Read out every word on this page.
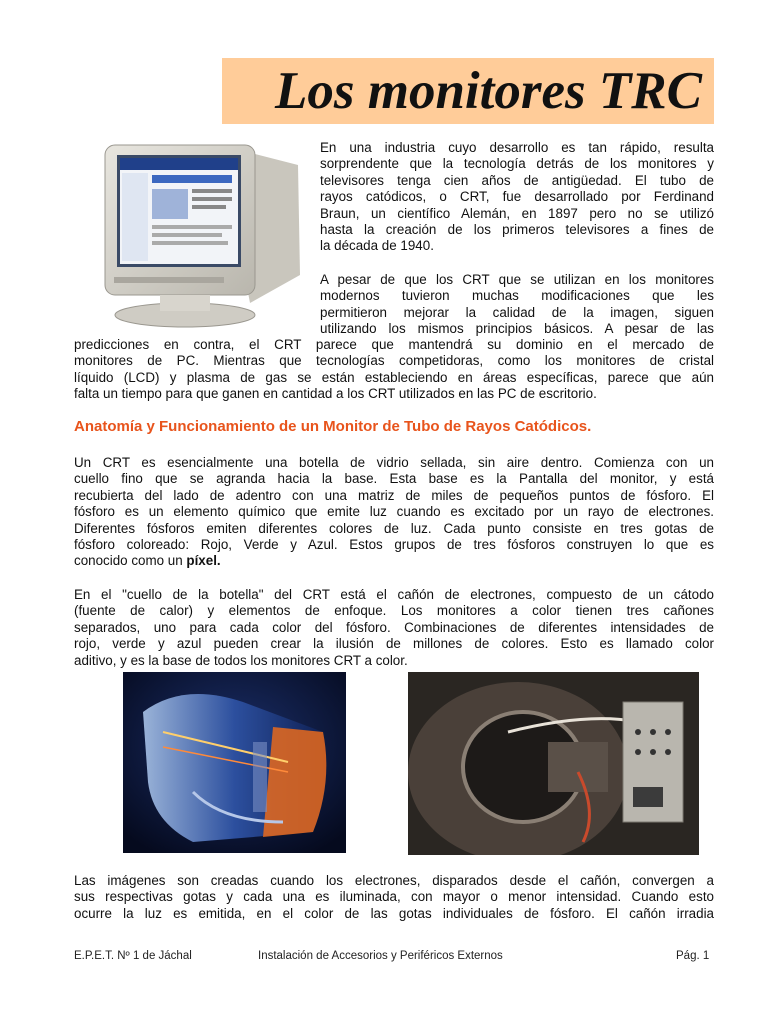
Los monitores TRC
En una industria cuyo desarrollo es tan rápido, resulta
sorprendente que la tecnología detrás de los monitores y
televisores tenga cien años de antigüedad. El tubo de
rayos catódicos, o CRT, fue desarrollado por Ferdinand
Braun, un científico Alemán, en 1897 pero no se utilizó
hasta la creación de los primeros televisores a fines de
la década de 1940.
A pesar de que los CRT que se utilizan en los monitores
modernos tuvieron muchas modificaciones que les
permitieron mejorar la calidad de la imagen, siguen
utilizando los mismos principios básicos. A pesar de las
predicciones en contra, el CRT parece que mantendrá su dominio en el mercado de
monitores de PC. Mientras que tecnologías competidoras, como los monitores de cristal
líquido (LCD) y plasma de gas se están estableciendo en áreas específicas, parece que aún
falta un tiempo para que ganen en cantidad a los CRT utilizados en las PC de escritorio.
Anatomía y Funcionamiento de un Monitor de Tubo de Rayos Catódicos.
Un CRT es esencialmente una botella de vidrio sellada, sin aire dentro. Comienza con un
cuello fino que se agranda hacia la base. Esta base es la Pantalla del monitor, y está
recubierta del lado de adentro con una matriz de miles de pequeños puntos de fósforo. El
fósforo es un elemento químico que emite luz cuando es excitado por un rayo de electrones.
Diferentes fósforos emiten diferentes colores de luz. Cada punto consiste en tres gotas de
fósforo coloreado: Rojo, Verde y Azul. Estos grupos de tres fósforos construyen lo que es
conocido como un píxel.
En el "cuello de la botella" del CRT está el cañón de electrones, compuesto de un cátodo
(fuente de calor) y elementos de enfoque. Los monitores a color tienen tres cañones
separados, uno para cada color del fósforo. Combinaciones de diferentes intensidades de
rojo, verde y azul pueden crear la ilusión de millones de colores. Esto es llamado color
aditivo, y es la base de todos los monitores CRT a color.
Las imágenes son creadas cuando los electrones, disparados desde el cañón, convergen a
sus respectivas gotas y cada una es iluminada, con mayor o menor intensidad. Cuando esto
ocurre la luz es emitida, en el color de las gotas individuales de fósforo. El cañón irradia
E.P.E.T. Nº 1 de Jáchal	Instalación de Accesorios y Periféricos Externos	Pág. 1
